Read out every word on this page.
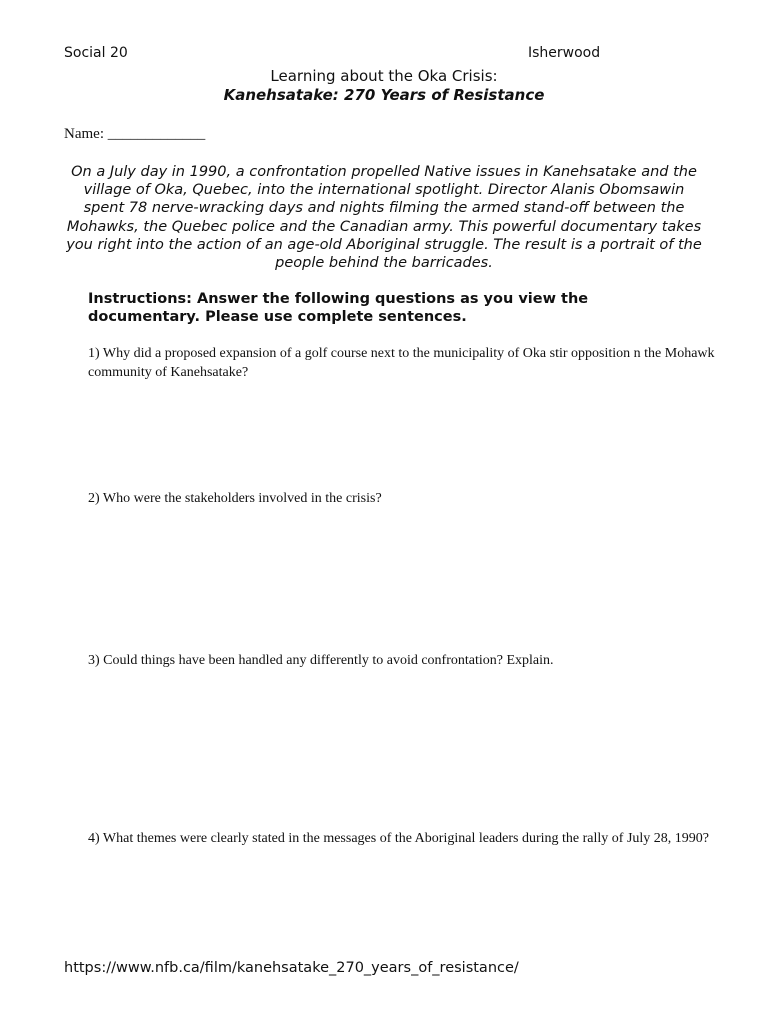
Social 20	Isherwood
Learning about the Oka Crisis:
Kanehsatake: 270 Years of Resistance
Name: _____________
On a July day in 1990, a confrontation propelled Native issues in Kanehsatake and the village of Oka, Quebec, into the international spotlight. Director Alanis Obomsawin spent 78 nerve-wracking days and nights filming the armed stand-off between the Mohawks, the Quebec police and the Canadian army. This powerful documentary takes you right into the action of an age-old Aboriginal struggle. The result is a portrait of the people behind the barricades.
Instructions: Answer the following questions as you view the documentary. Please use complete sentences.
1) Why did a proposed expansion of a golf course next to the municipality of Oka stir opposition n the Mohawk community of Kanehsatake?
2) Who were the stakeholders involved in the crisis?
3) Could things have been handled any differently to avoid confrontation? Explain.
4) What themes were clearly stated in the messages of the Aboriginal leaders during the rally of July 28, 1990?
https://www.nfb.ca/film/kanehsatake_270_years_of_resistance/
